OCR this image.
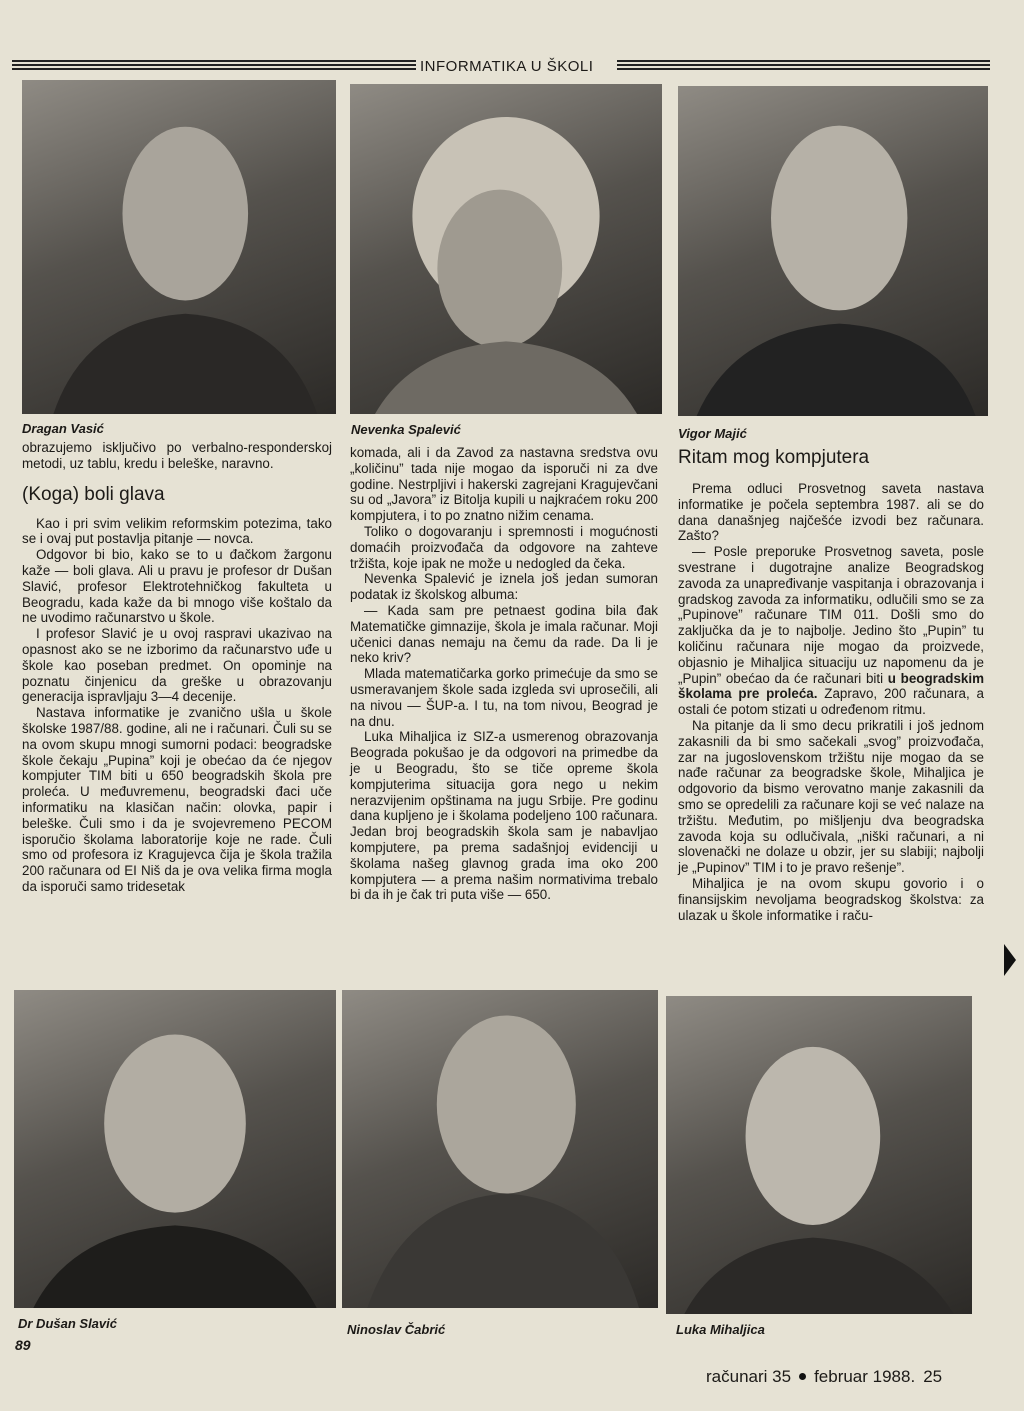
INFORMATIKA U ŠKOLI
Dragan Vasić	Nevenka Spalević	Vigor Majić

obrazujemo isključivo po verbalno-responderskoj metodi, uz tablu, kredu i beleške, naravno.

(Koga) boli glava

Kao i pri svim velikim reformskim potezima, tako se i ovaj put postavlja pitanje — novca.

Odgovor bi bio, kako se to u đačkom žargonu kaže — boli glava. Ali u pravu je profesor dr Dušan Slavić, profesor Elektrotehničkog fakulteta u Beogradu, kada kaže da bi mnogo više koštalo da ne uvodimo računarstvo u škole.

I profesor Slavić je u ovoj raspravi ukazivao na opasnost ako se ne izborimo da računarstvo uđe u škole kao poseban predmet. On opominje na poznatu činjenicu da greške u obrazovanju generacija ispravljaju 3—4 decenije.

Nastava informatike je zvanično ušla u škole školske 1987/88. godine, ali ne i računari. Čuli su se na ovom skupu mnogi sumorni podaci: beogradske škole čekaju „Pupina” koji je obećao da će njegov kompjuter TIM biti u 650 beogradskih škola pre proleća. U međuvremenu, beogradski đaci uče informatiku na klasičan način: olovka, papir i beleške. Čuli smo i da je svojevremeno PECOM isporučio školama laboratorije koje ne rade. Čuli smo od profesora iz Kragujevca čija je škola tražila 200 računara od EI Niš da je ova velika firma mogla da isporuči samo tridesetak

komada, ali i da Zavod za nastavna sredstva ovu „količinu” tada nije mogao da isporuči ni za dve godine. Nestrpljivi i hakerski zagrejani Kragujevčani su od „Javora” iz Bitolja kupili u najkraćem roku 200 kompjutera, i to po znatno nižim cenama.

Toliko o dogovaranju i spremnosti i mogućnosti domaćih proizvođača da odgovore na zahteve tržišta, koje ipak ne može u nedogled da čeka.

Nevenka Spalević je iznela još jedan sumoran podatak iz školskog albuma:

— Kada sam pre petnaest godina bila đak Matematičke gimnazije, škola je imala računar. Moji učenici danas nemaju na čemu da rade. Da li je neko kriv?

Mlada matematičarka gorko primećuje da smo se usmeravanjem škole sada izgleda svi uprosečili, ali na nivou — ŠUP-a. I tu, na tom nivou, Beograd je na dnu.

Luka Mihaljica iz SIZ-a usmerenog obrazovanja Beograda pokušao je da odgovori na primedbe da je u Beogradu, što se tiče opreme škola kompjuterima situacija gora nego u nekim nerazvijenim opštinama na jugu Srbije. Pre godinu dana kupljeno je i školama podeljeno 100 računara. Jedan broj beogradskih škola sam je nabavljao kompjutere, pa prema sadašnjoj evidenciji u školama našeg glavnog grada ima oko 200 kompjutera — a prema našim normativima trebalo bi da ih je čak tri puta više — 650.

Ritam mog kompjutera

Prema odluci Prosvetnog saveta nastava informatike je počela septembra 1987. ali se do dana današnjeg najčešće izvodi bez računara. Zašto?

— Posle preporuke Prosvetnog saveta, posle svestrane i dugotrajne analize Beogradskog zavoda za unapređivanje vaspitanja i obrazovanja i gradskog zavoda za informatiku, odlučili smo se za „Pupinove” računare TIM 011. Došli smo do zaključka da je to najbolje. Jedino što „Pupin” tu količinu računara nije mogao da proizvede, objasnio je Mihaljica situaciju uz napomenu da je „Pupin” obećao da će računari biti u beogradskim školama pre proleća. Zapravo, 200 računara, a ostali će potom stizati u određenom ritmu.

Na pitanje da li smo decu prikratili i još jednom zakasnili da bi smo sačekali „svog” proizvođača, zar na jugoslovenskom tržištu nije mogao da se nađe računar za beogradske škole, Mihaljica je odgovorio da bismo verovatno manje zakasnili da smo se opredelili za računare koji se već nalaze na tržištu. Međutim, po mišljenju dva beogradska zavoda koja su odlučivala, „niški računari, a ni slovenački ne dolaze u obzir, jer su slabiji; najbolji je „Pupinov” TIM i to je pravo rešenje”.

Mihaljica je na ovom skupu govorio i o finansijskim nevoljama beogradskog školstva: za ulazak u škole informatike i raču-

Dr Dušan Slavić	Ninoslav Čabrić	Luka Mihaljica
89
računari 35 februar 1988. 25
